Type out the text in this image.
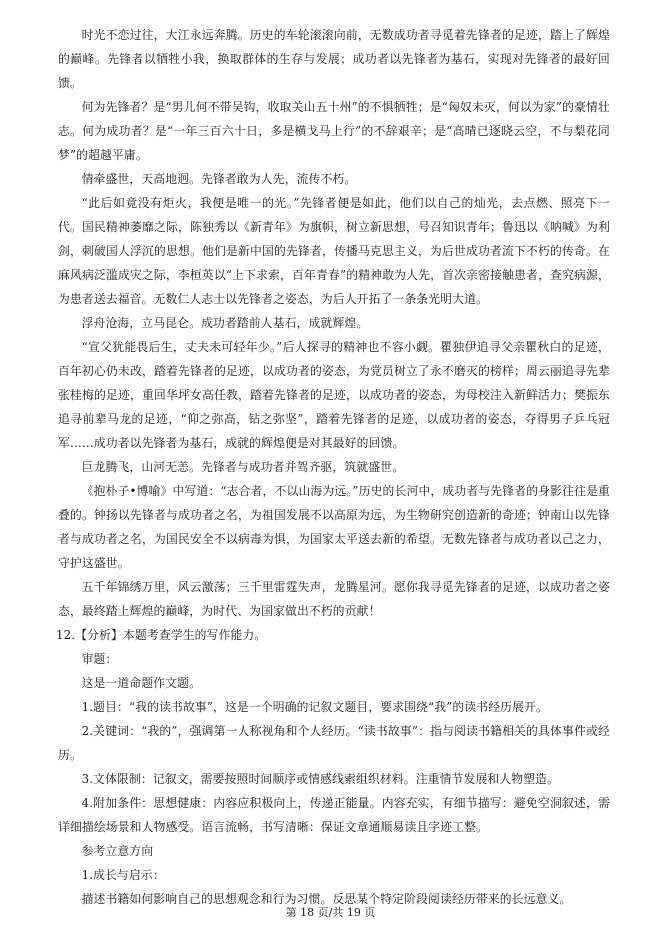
时光不恋过往，大江永远奔腾。历史的车轮滚滚向前，无数成功者寻觅着先锋者的足迹，踏上了辉煌的巅峰。先锋者以牺牲小我，换取群体的生存与发展；成功者以先锋者为基石，实现对先锋者的最好回馈。

何为先锋者？是“男儿何不带吴钩，收取关山五十州”的不惧牺牲；是“匈奴未灭，何以为家”的豪情壮志。何为成功者？是“一年三百六十日，多是横戈马上行”的不辞艰辛；是“高晴已逐晓云空，不与梨花同梦”的超越平庸。

情牵盛世，天高地迥。先锋者敢为人先，流传不朽。

“此后如竟没有炬火，我便是唯一的光。”先锋者便是如此，他们以自己的灿光，去点燃、照亮下一代。国民精神萎靡之际，陈独秀以《新青年》为旗帜，树立新思想，号召知识青年；鲁迅以《呐喊》为利剑，刺破国人浮沉的思想。他们是新中国的先锋者，传播马克思主义，为后世成功者流下不朽的传奇。在麻风病泛滥成灾之际，李桓英以“上下求索，百年青春”的精神敢为人先，首次亲密接触患者，查究病源，为患者送去福音。无数仁人志士以先锋者之姿态，为后人开拓了一条条光明大道。

浮舟沧海，立马昆仑。成功者踏前人基石，成就辉煌。

“宣父犹能畏后生，丈夫未可轻年少。”后人探寻的精神也不容小觑。瞿独伊追寻父亲瞿秋白的足迹，百年初心仍未改，踏着先锋者的足迹，以成功者的姿态，为党员树立了永不磨灭的榜样；周云丽追寻先辈张桂梅的足迹，重回华坪女高任教，踏着先锋者的足迹，以成功者的姿态，为母校注入新鲜活力；樊振东追寻前辈马龙的足迹，“仰之弥高，钻之弥坚”，踏着先锋者的足迹，以成功者的姿态，夺得男子乒乓冠军……成功者以先锋者为基石，成就的辉煌便是对其最好的回馈。

巨龙腾飞，山河无恙。先锋者与成功者并驾齐驱，筑就盛世。

《抱朴子•博喻》中写道：“志合者，不以山海为远。”历史的长河中，成功者与先锋者的身影往往是重叠的。钟扬以先锋者与成功者之名，为祖国发展不以高原为远，为生物研究创造新的奇迹；钟南山以先锋者与成功者之名，为国民安全不以病毒为惧，为国家太平送去新的希望。无数先锋者与成功者以己之力，守护这盛世。

五千年锦绣万里，风云激荡；三千里雷霆失声，龙腾星河。愿你我寻觅先锋者的足迹，以成功者之姿态，最终踏上辉煌的巅峰，为时代、为国家做出不朽的贡献！

12.【分析】本题考查学生的写作能力。

审题：

这是一道命题作文题。

1.题目：“我的读书故事”，这是一个明确的记叙文题目，要求围绕“我”的读书经历展开。

2.关键词：“我的”，强调第一人称视角和个人经历。“读书故事”：指与阅读书籍相关的具体事件或经历。

3.文体限制：记叙文，需要按照时间顺序或情感线索组织材料。注重情节发展和人物塑造。

4.附加条件：思想健康：内容应积极向上，传递正能量。内容充实，有细节描写：避免空洞叙述，需详细描绘场景和人物感受。语言流畅，书写清晰：保证文章通顺易读且字迹工整。

参考立意方向

1.成长与启示：

描述书籍如何影响自己的思想观念和行为习惯。反思某个特定阶段阅读经历带来的长远意义。

第 18 页/共 19 页
